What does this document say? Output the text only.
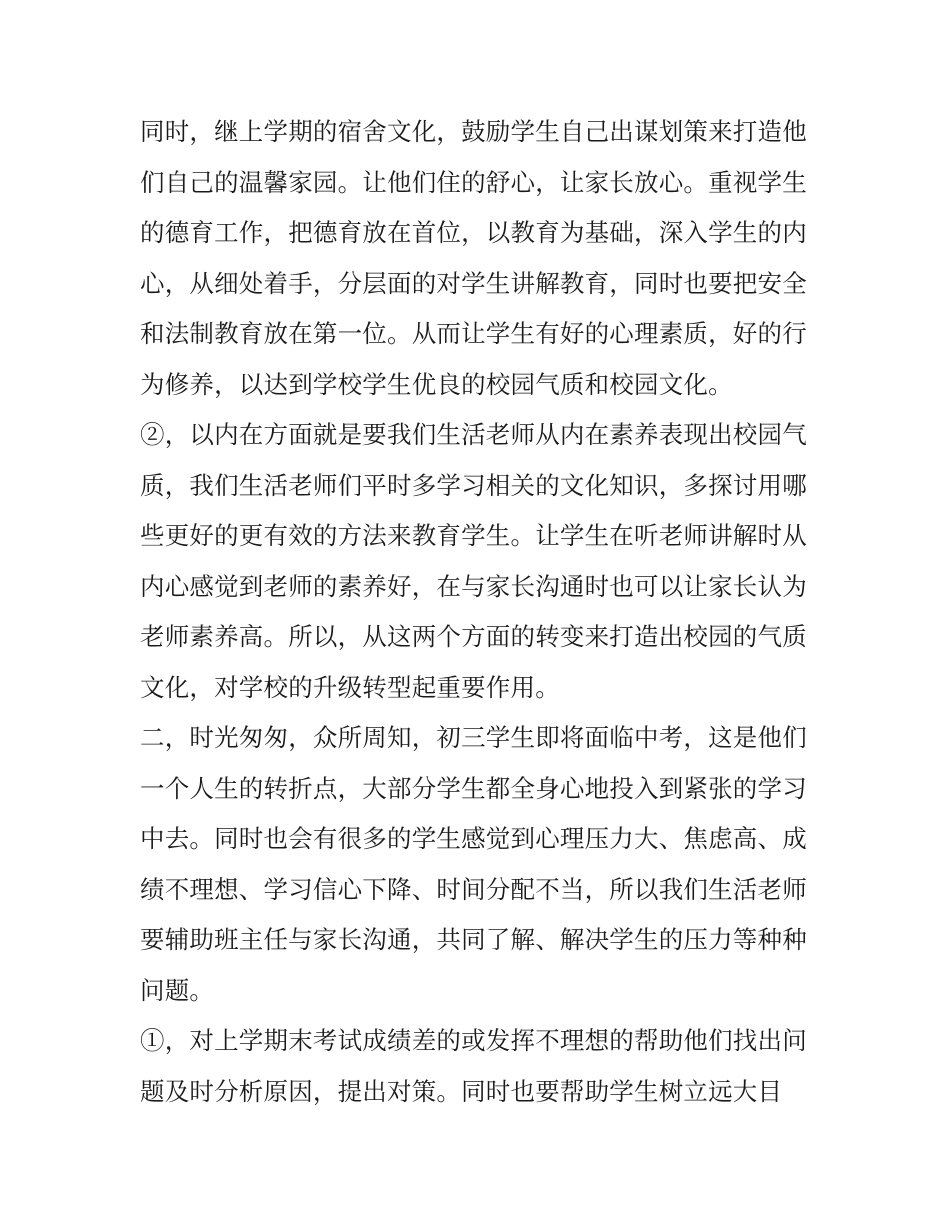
同时，继上学期的宿舍文化，鼓励学生自己出谋划策来打造他
们自己的温馨家园。让他们住的舒心，让家长放心。重视学生
的德育工作，把德育放在首位，以教育为基础，深入学生的内
心，从细处着手，分层面的对学生讲解教育，同时也要把安全
和法制教育放在第一位。从而让学生有好的心理素质，好的行
为修养，以达到学校学生优良的校园气质和校园文化。
②，以内在方面就是要我们生活老师从内在素养表现出校园气
质，我们生活老师们平时多学习相关的文化知识，多探讨用哪
些更好的更有效的方法来教育学生。让学生在听老师讲解时从
内心感觉到老师的素养好，在与家长沟通时也可以让家长认为
老师素养高。所以，从这两个方面的转变来打造出校园的气质
文化，对学校的升级转型起重要作用。
二，时光匆匆，众所周知，初三学生即将面临中考，这是他们
一个人生的转折点，大部分学生都全身心地投入到紧张的学习
中去。同时也会有很多的学生感觉到心理压力大、焦虑高、成
绩不理想、学习信心下降、时间分配不当，所以我们生活老师
要辅助班主任与家长沟通，共同了解、解决学生的压力等种种
问题。
①，对上学期末考试成绩差的或发挥不理想的帮助他们找出问
题及时分析原因，提出对策。同时也要帮助学生树立远大目
